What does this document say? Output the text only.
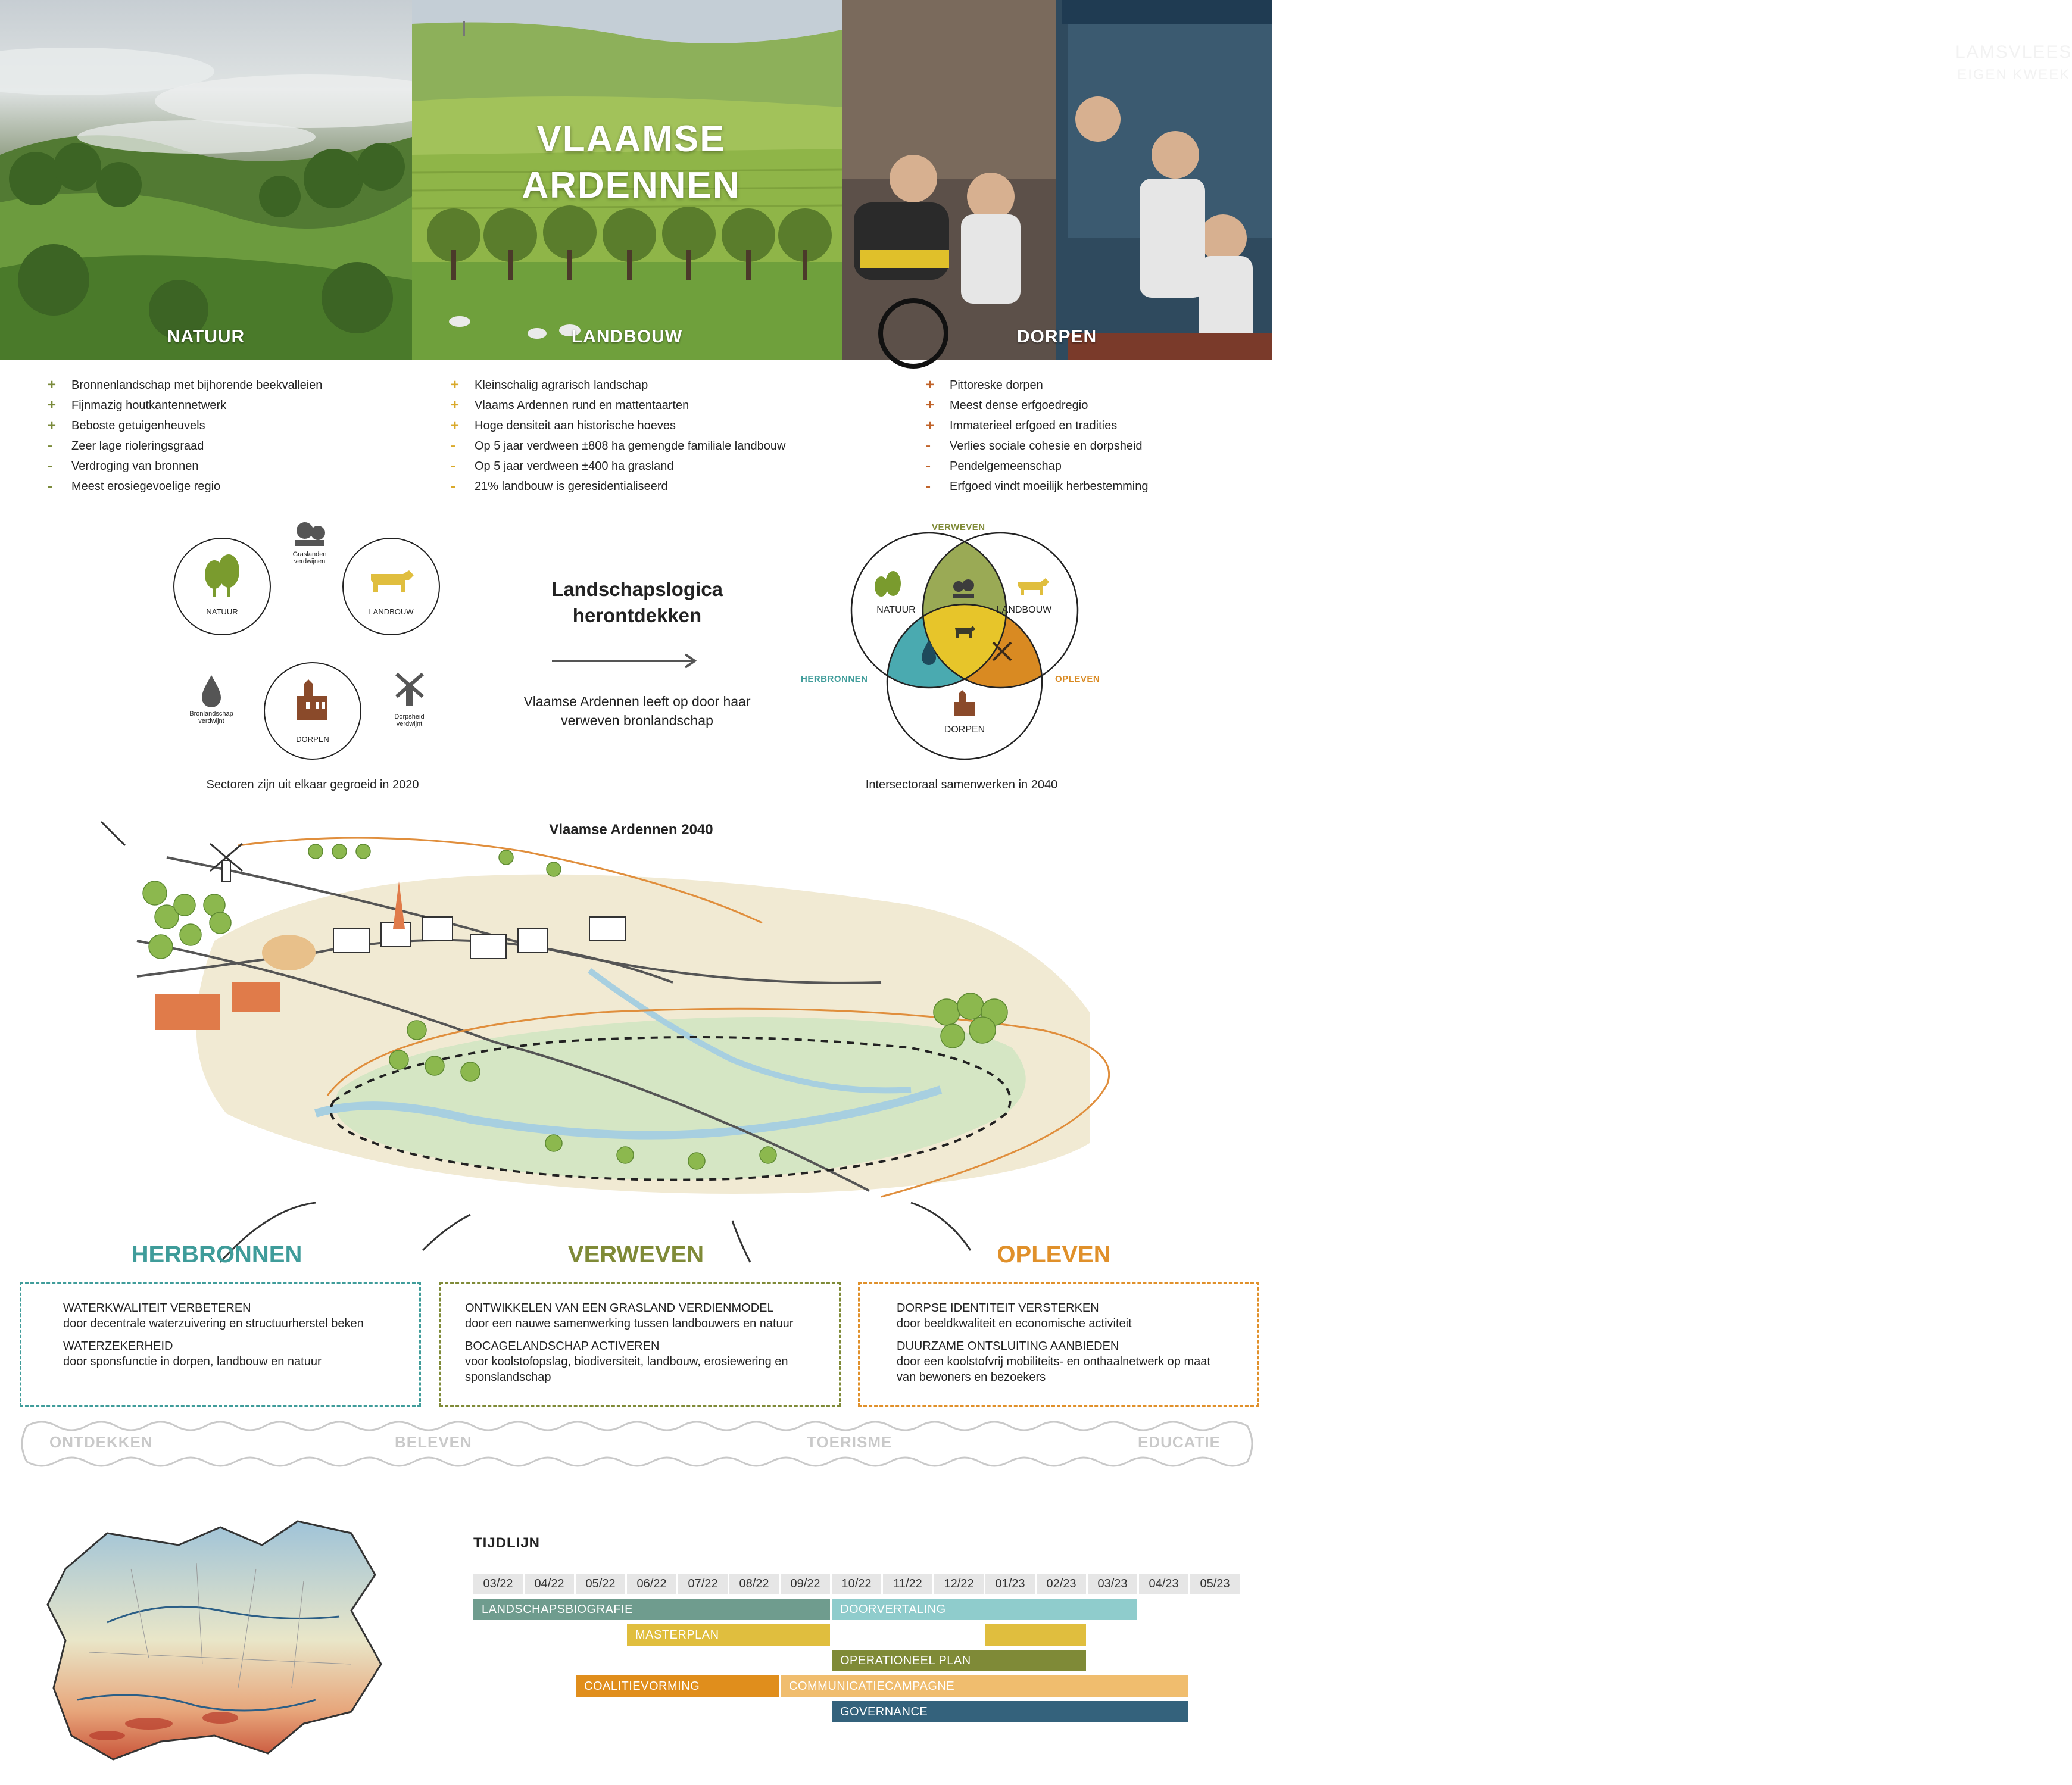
NATUUR	LANDBOUW
LAMSVLEES
EIGEN KWEEK
DORPEN
VLAAMSE
ARDENNEN
+	Bronnenlandschap met bijhorende beekvalleien
+	Fijnmazig houtkantennetwerk
+	Beboste getuigenheuvels
-	Zeer lage rioleringsgraad
-	Verdroging van bronnen
-	Meest erosiegevoelige regio
+	Kleinschalig agrarisch landschap
+	Vlaams Ardennen rund en mattentaarten
+	Hoge densiteit aan historische hoeves
-	Op 5 jaar verdween ±808 ha gemengde familiale landbouw
-	Op 5 jaar verdween ±400 ha grasland
-	21% landbouw is geresidentialiseerd
+	Pittoreske dorpen
+	Meest dense erfgoedregio
+	Immaterieel erfgoed en tradities
-	Verlies sociale cohesie en dorpsheid
-	Pendelgemeenschap
-	Erfgoed vindt moeilijk herbestemming
NATUUR	LANDBOUW
DORPEN
Graslanden verdwijnen
Bronlandschap verdwijnt
Dorpsheid verdwijnt
Sectoren zijn uit elkaar gegroeid in 2020
Landschapslogica herontdekken
Vlaamse Ardennen leeft op door haar verweven bronlandschap
NATUUR	LANDBOUW
DORPEN
VERWEVEN
HERBRONNEN	OPLEVEN
Intersectoraal samenwerken in 2040
Vlaamse Ardennen 2040
HERBRONNEN	VERWEVEN	OPLEVEN
WATERKWALITEIT VERBETEREN
door decentrale waterzuivering en structuurherstel beken
WATERZEKERHEID
door sponsfunctie in dorpen, landbouw en natuur
ONTWIKKELEN VAN EEN GRASLAND VERDIENMODEL
door een nauwe samenwerking tussen landbouwers en natuur
BOCAGELANDSCHAP ACTIVEREN
voor koolstofopslag, biodiversiteit, landbouw, erosiewering en sponslandschap
DORPSE IDENTITEIT VERSTERKEN
door beeldkwaliteit en economische activiteit
DUURZAME ONTSLUITING AANBIEDEN
door een koolstofvrij mobiliteits- en onthaalnetwerk op maat van bewoners en bezoekers
ONTDEKKEN	BELEVEN	TOERISME	EDUCATIE
TIJDLIJN
03/22	04/22	05/22	06/22	07/22	08/22	09/22	10/22	11/22	12/22	01/23	02/23	03/23	04/23	05/23
LANDSCHAPSBIOGRAFIE	DOORVERTALING
MASTERPLAN
OPERATIONEEL PLAN
COALITIEVORMING	COMMUNICATIECAMPAGNE
GOVERNANCE
